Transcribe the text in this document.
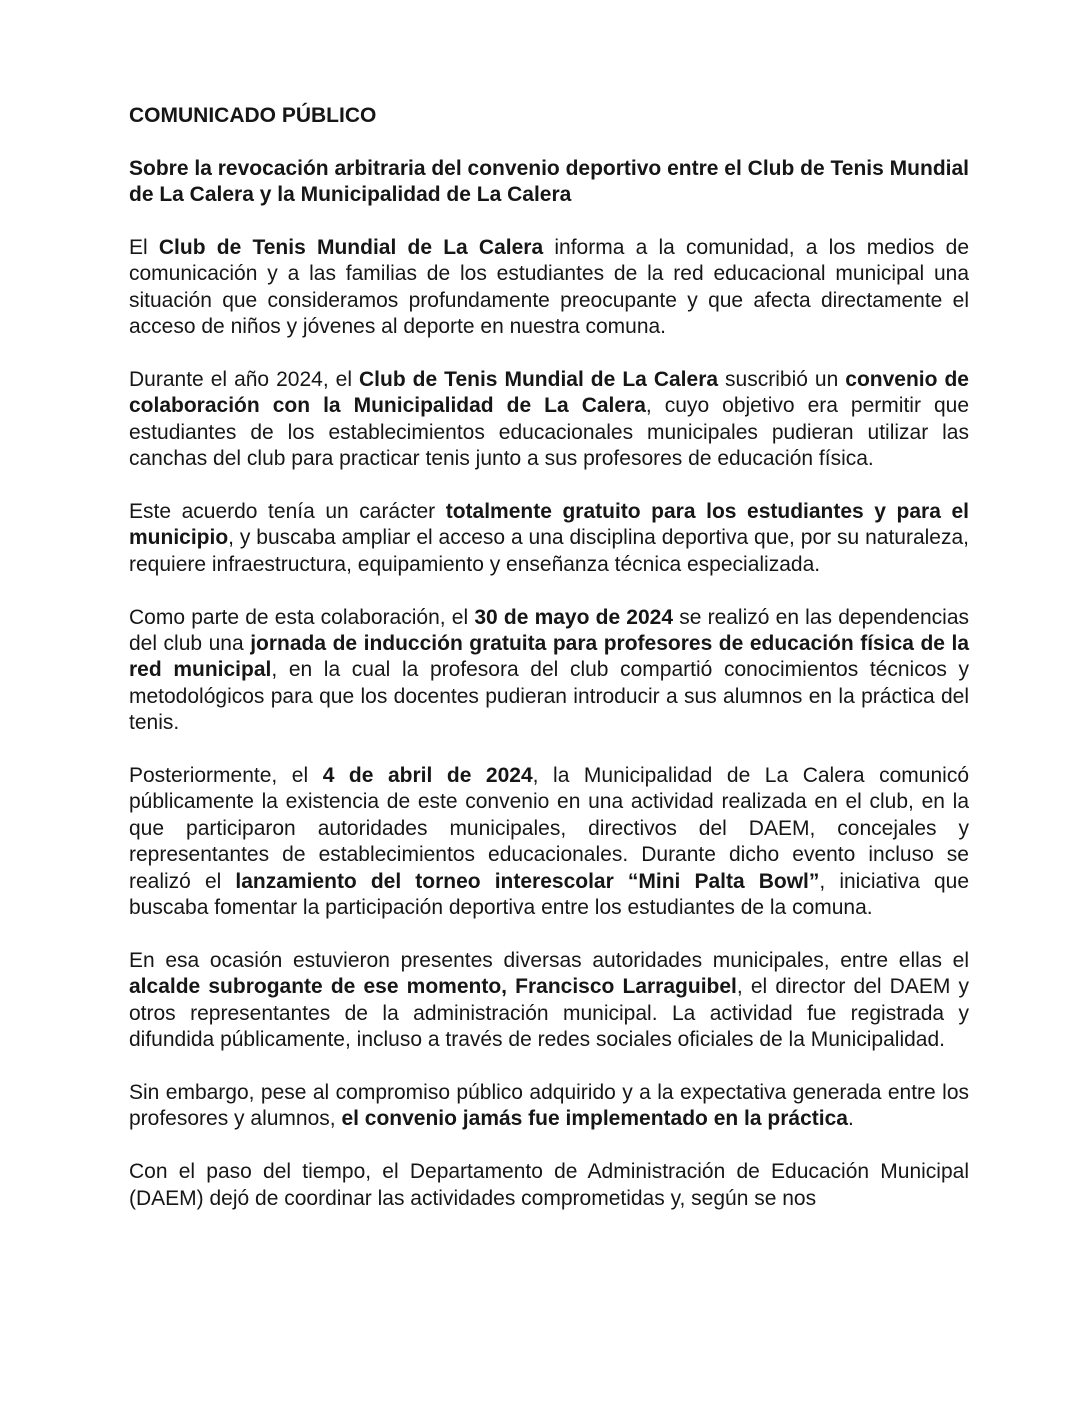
COMUNICADO PÚBLICO
Sobre la revocación arbitraria del convenio deportivo entre el Club de Tenis Mundial de La Calera y la Municipalidad de La Calera

El Club de Tenis Mundial de La Calera informa a la comunidad, a los medios de comunicación y a las familias de los estudiantes de la red educacional municipal una situación que consideramos profundamente preocupante y que afecta directamente el acceso de niños y jóvenes al deporte en nuestra comuna.

Durante el año 2024, el Club de Tenis Mundial de La Calera suscribió un convenio de colaboración con la Municipalidad de La Calera, cuyo objetivo era permitir que estudiantes de los establecimientos educacionales municipales pudieran utilizar las canchas del club para practicar tenis junto a sus profesores de educación física.

Este acuerdo tenía un carácter totalmente gratuito para los estudiantes y para el municipio, y buscaba ampliar el acceso a una disciplina deportiva que, por su naturaleza, requiere infraestructura, equipamiento y enseñanza técnica especializada.

Como parte de esta colaboración, el 30 de mayo de 2024 se realizó en las dependencias del club una jornada de inducción gratuita para profesores de educación física de la red municipal, en la cual la profesora del club compartió conocimientos técnicos y metodológicos para que los docentes pudieran introducir a sus alumnos en la práctica del tenis.

Posteriormente, el 4 de abril de 2024, la Municipalidad de La Calera comunicó públicamente la existencia de este convenio en una actividad realizada en el club, en la que participaron autoridades municipales, directivos del DAEM, concejales y representantes de establecimientos educacionales. Durante dicho evento incluso se realizó el lanzamiento del torneo interescolar “Mini Palta Bowl”, iniciativa que buscaba fomentar la participación deportiva entre los estudiantes de la comuna.

En esa ocasión estuvieron presentes diversas autoridades municipales, entre ellas el alcalde subrogante de ese momento, Francisco Larraguibel, el director del DAEM y otros representantes de la administración municipal. La actividad fue registrada y difundida públicamente, incluso a través de redes sociales oficiales de la Municipalidad.

Sin embargo, pese al compromiso público adquirido y a la expectativa generada entre los profesores y alumnos, el convenio jamás fue implementado en la práctica.

Con el paso del tiempo, el Departamento de Administración de Educación Municipal (DAEM) dejó de coordinar las actividades comprometidas y, según se nos
